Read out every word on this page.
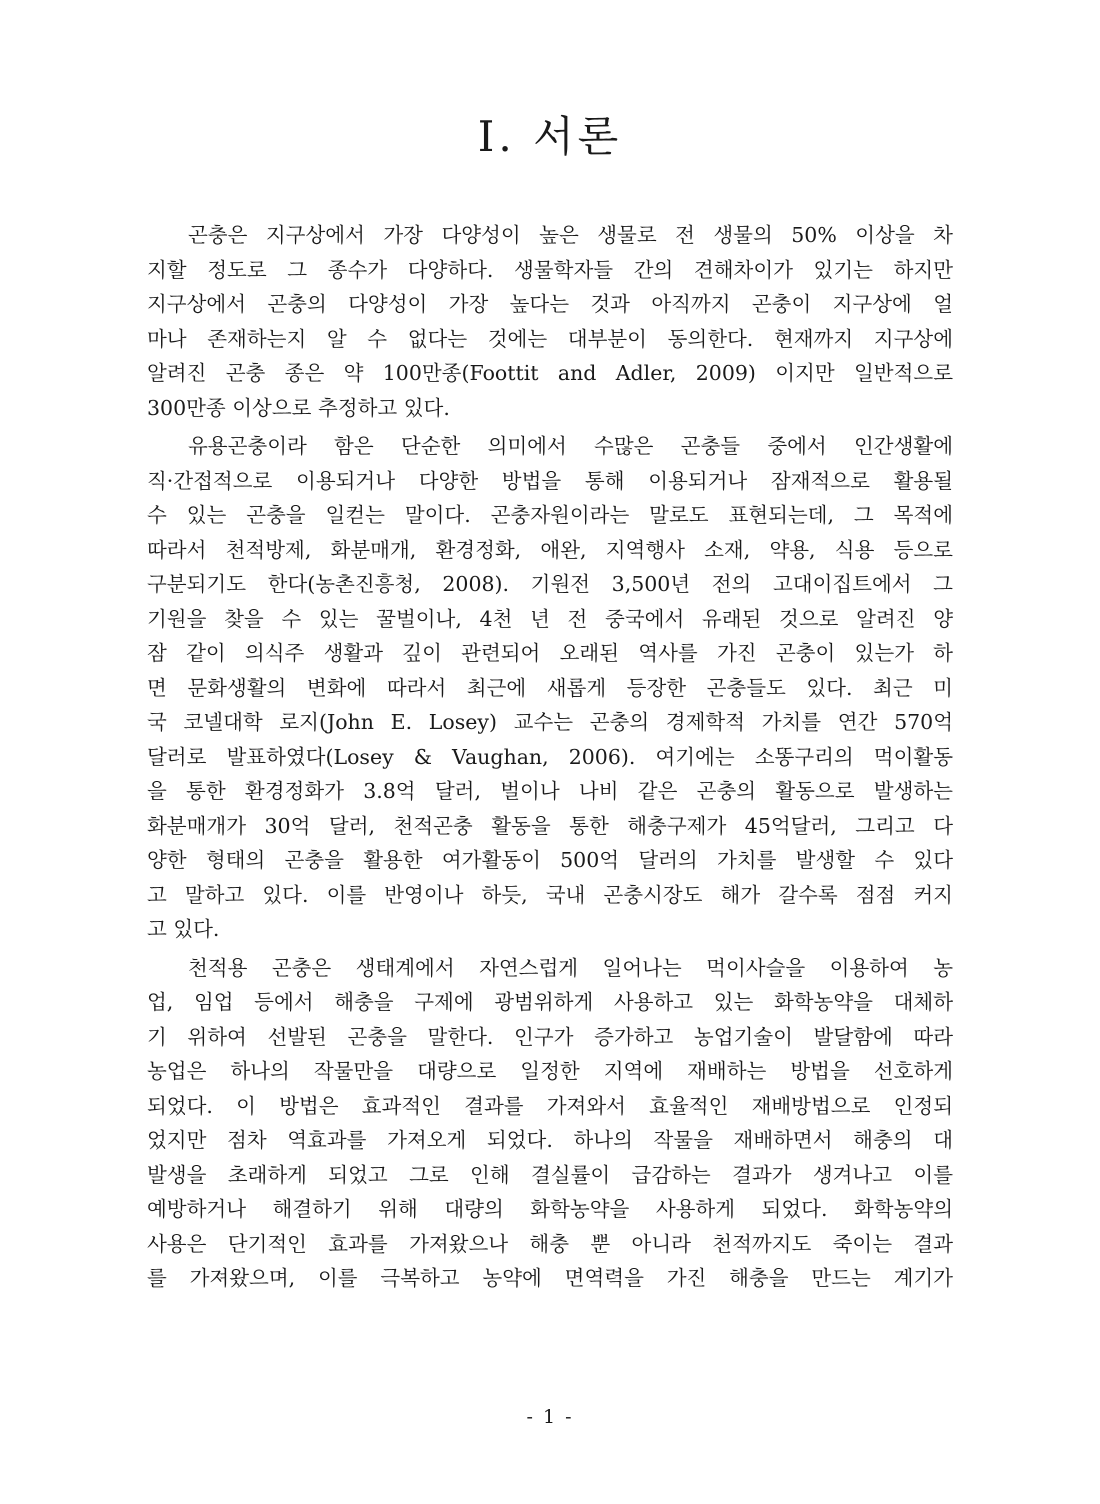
Ⅰ. 서론
곤충은 지구상에서 가장 다양성이 높은 생물로 전 생물의 50% 이상을 차
지할 정도로 그 종수가 다양하다. 생물학자들 간의 견해차이가 있기는 하지만
지구상에서 곤충의 다양성이 가장 높다는 것과 아직까지 곤충이 지구상에 얼
마나 존재하는지 알 수 없다는 것에는 대부분이 동의한다. 현재까지 지구상에
알려진 곤충 종은 약 100만종(Foottit and Adler, 2009) 이지만 일반적으로
300만종 이상으로 추정하고 있다.
유용곤충이라 함은 단순한 의미에서 수많은 곤충들 중에서 인간생활에
직·간접적으로 이용되거나 다양한 방법을 통해 이용되거나 잠재적으로 활용될
수 있는 곤충을 일컫는 말이다. 곤충자원이라는 말로도 표현되는데, 그 목적에
따라서 천적방제, 화분매개, 환경정화, 애완, 지역행사 소재, 약용, 식용 등으로
구분되기도 한다(농촌진흥청, 2008). 기원전 3,500년 전의 고대이집트에서 그
기원을 찾을 수 있는 꿀벌이나, 4천 년 전 중국에서 유래된 것으로 알려진 양
잠 같이 의식주 생활과 깊이 관련되어 오래된 역사를 가진 곤충이 있는가 하
면 문화생활의 변화에 따라서 최근에 새롭게 등장한 곤충들도 있다. 최근 미
국 코넬대학 로지(John E. Losey) 교수는 곤충의 경제학적 가치를 연간 570억
달러로 발표하였다(Losey & Vaughan, 2006). 여기에는 소똥구리의 먹이활동
을 통한 환경정화가 3.8억 달러, 벌이나 나비 같은 곤충의 활동으로 발생하는
화분매개가 30억 달러, 천적곤충 활동을 통한 해충구제가 45억달러, 그리고 다
양한 형태의 곤충을 활용한 여가활동이 500억 달러의 가치를 발생할 수 있다
고 말하고 있다. 이를 반영이나 하듯, 국내 곤충시장도 해가 갈수록 점점 커지
고 있다.
천적용 곤충은 생태계에서 자연스럽게 일어나는 먹이사슬을 이용하여 농
업, 임업 등에서 해충을 구제에 광범위하게 사용하고 있는 화학농약을 대체하
기 위하여 선발된 곤충을 말한다. 인구가 증가하고 농업기술이 발달함에 따라
농업은 하나의 작물만을 대량으로 일정한 지역에 재배하는 방법을 선호하게
되었다. 이 방법은 효과적인 결과를 가져와서 효율적인 재배방법으로 인정되
었지만 점차 역효과를 가져오게 되었다. 하나의 작물을 재배하면서 해충의 대
발생을 초래하게 되었고 그로 인해 결실률이 급감하는 결과가 생겨나고 이를
예방하거나 해결하기 위해 대량의 화학농약을 사용하게 되었다. 화학농약의
사용은 단기적인 효과를 가져왔으나 해충 뿐 아니라 천적까지도 죽이는 결과
를 가져왔으며, 이를 극복하고 농약에 면역력을 가진 해충을 만드는 계기가
- 1 -
